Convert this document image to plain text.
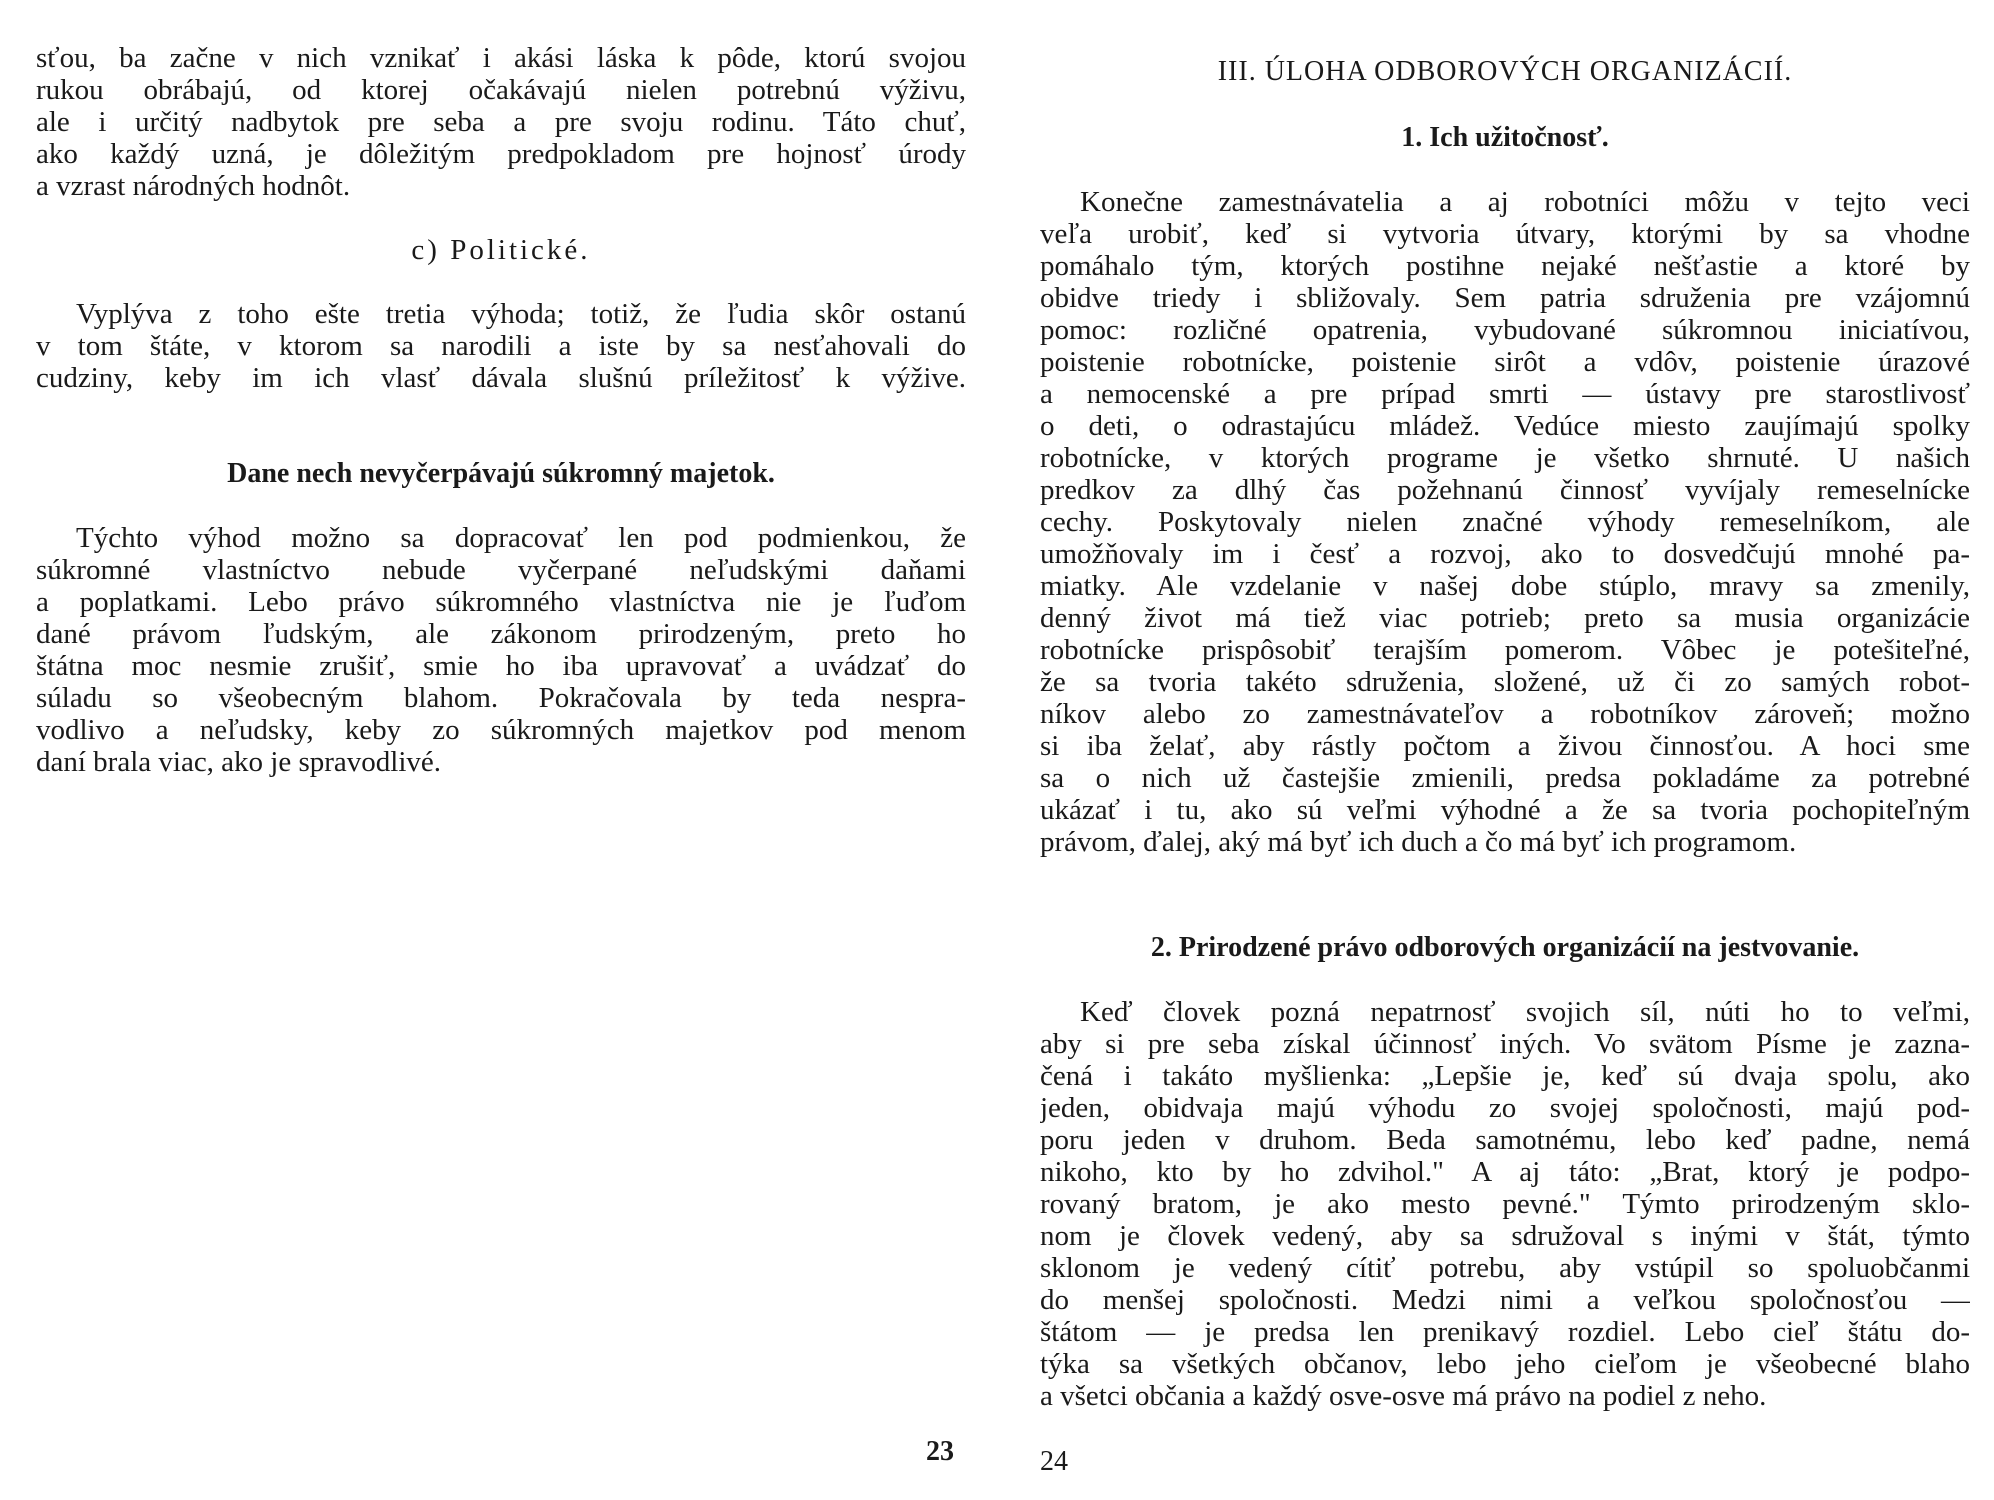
sťou, ba začne v nich vznikať i akási láska k pôde, ktorú svojou
rukou obrábajú, od ktorej očakávajú nielen potrebnú výživu,
ale i určitý nadbytok pre seba a pre svoju rodinu. Táto chuť,
ako každý uzná, je dôležitým predpokladom pre hojnosť úrody
a vzrast národných hodnôt.
c) Politické.
Vyplýva z toho ešte tretia výhoda; totiž, že ľudia skôr ostanú
v tom štáte, v ktorom sa narodili a iste by sa nesťahovali do
cudziny, keby im ich vlasť dávala slušnú príležitosť k výžive.
Dane nech nevyčerpávajú súkromný majetok.
Týchto výhod možno sa dopracovať len pod podmienkou, že
súkromné vlastníctvo nebude vyčerpané neľudskými daňami
a poplatkami. Lebo právo súkromného vlastníctva nie je ľuďom
dané právom ľudským, ale zákonom prirodzeným, preto ho
štátna moc nesmie zrušiť, smie ho iba upravovať a uvádzať do
súladu so všeobecným blahom. Pokračovala by teda nespra-
vodlivo a neľudsky, keby zo súkromných majetkov pod menom
daní brala viac, ako je spravodlivé.
23
III. ÚLOHA ODBOROVÝCH ORGANIZÁCIÍ.
1. Ich užitočnosť.
Konečne zamestnávatelia a aj robotníci môžu v tejto veci
veľa urobiť, keď si vytvoria útvary, ktorými by sa vhodne
pomáhalo tým, ktorých postihne nejaké nešťastie a ktoré by
obidve triedy i sbližovaly. Sem patria sdruženia pre vzájomnú
pomoc: rozličné opatrenia, vybudované súkromnou iniciatívou,
poistenie robotnícke, poistenie sirôt a vdôv, poistenie úrazové
a nemocenské a pre prípad smrti — ústavy pre starostlivosť
o deti, o odrastajúcu mládež. Vedúce miesto zaujímajú spolky
robotnícke, v ktorých programe je všetko shrnuté. U našich
predkov za dlhý čas požehnanú činnosť vyvíjaly remeselnícke
cechy. Poskytovaly nielen značné výhody remeselníkom, ale
umožňovaly im i česť a rozvoj, ako to dosvedčujú mnohé pa-
miatky. Ale vzdelanie v našej dobe stúplo, mravy sa zmenily,
denný život má tiež viac potrieb; preto sa musia organizácie
robotnícke prispôsobiť terajším pomerom. Vôbec je potešiteľné,
že sa tvoria takéto sdruženia, složené, už či zo samých robot-
níkov alebo zo zamestnávateľov a robotníkov zároveň; možno
si iba želať, aby rástly počtom a živou činnosťou. A hoci sme
sa o nich už častejšie zmienili, predsa pokladáme za potrebné
ukázať i tu, ako sú veľmi výhodné a že sa tvoria pochopiteľným
právom, ďalej, aký má byť ich duch a čo má byť ich programom.
2. Prirodzené právo odborových organizácií na jestvovanie.
Keď človek pozná nepatrnosť svojich síl, núti ho to veľmi,
aby si pre seba získal účinnosť iných. Vo svätom Písme je zazna-
čená i takáto myšlienka: „Lepšie je, keď sú dvaja spolu, ako
jeden, obidvaja majú výhodu zo svojej spoločnosti, majú pod-
poru jeden v druhom. Beda samotnému, lebo keď padne, nemá
nikoho, kto by ho zdvihol." A aj táto: „Brat, ktorý je podpo-
rovaný bratom, je ako mesto pevné." Týmto prirodzeným sklo-
nom je človek vedený, aby sa sdružoval s inými v štát, týmto
sklonom je vedený cítiť potrebu, aby vstúpil so spoluobčanmi
do menšej spoločnosti. Medzi nimi a veľkou spoločnosťou —
štátom — je predsa len prenikavý rozdiel. Lebo cieľ štátu do-
týka sa všetkých občanov, lebo jeho cieľom je všeobecné blaho
a všetci občania a každý osve-osve má právo na podiel z neho.
24
